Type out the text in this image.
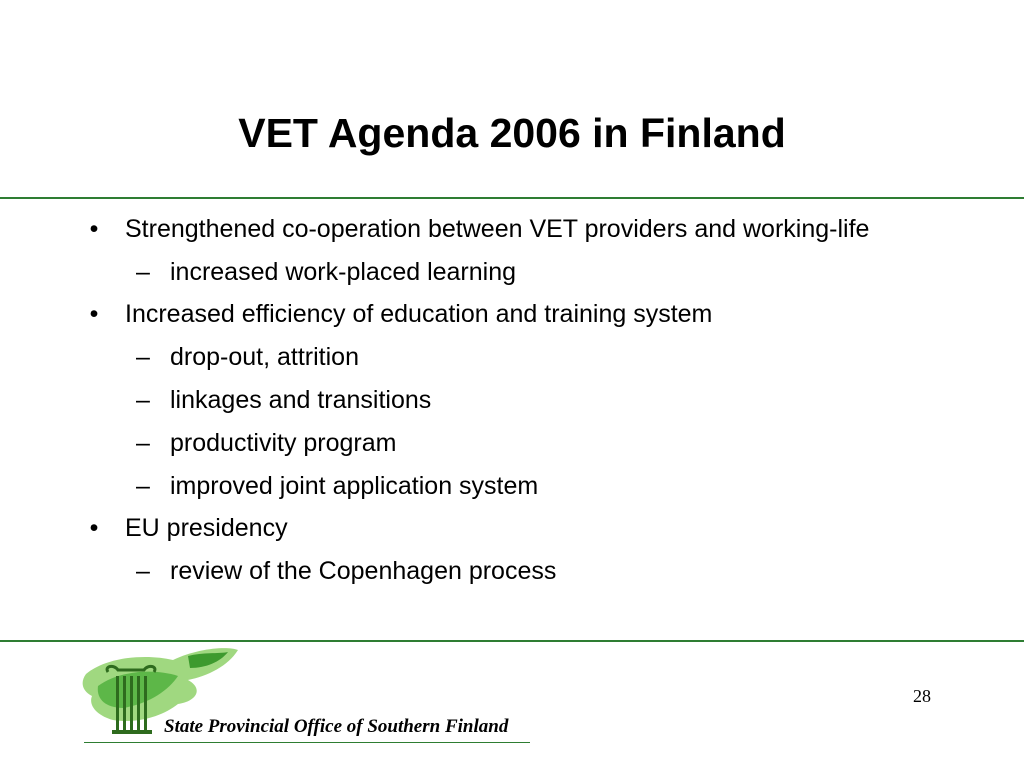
VET Agenda 2006 in Finland
• Strengthened co-operation between VET providers and working-life
– increased work-placed learning
• Increased efficiency of education and training system
– drop-out, attrition
– linkages and transitions
– productivity program
– improved joint application system
• EU presidency
– review of the Copenhagen process
State Provincial Office of Southern Finland
28
